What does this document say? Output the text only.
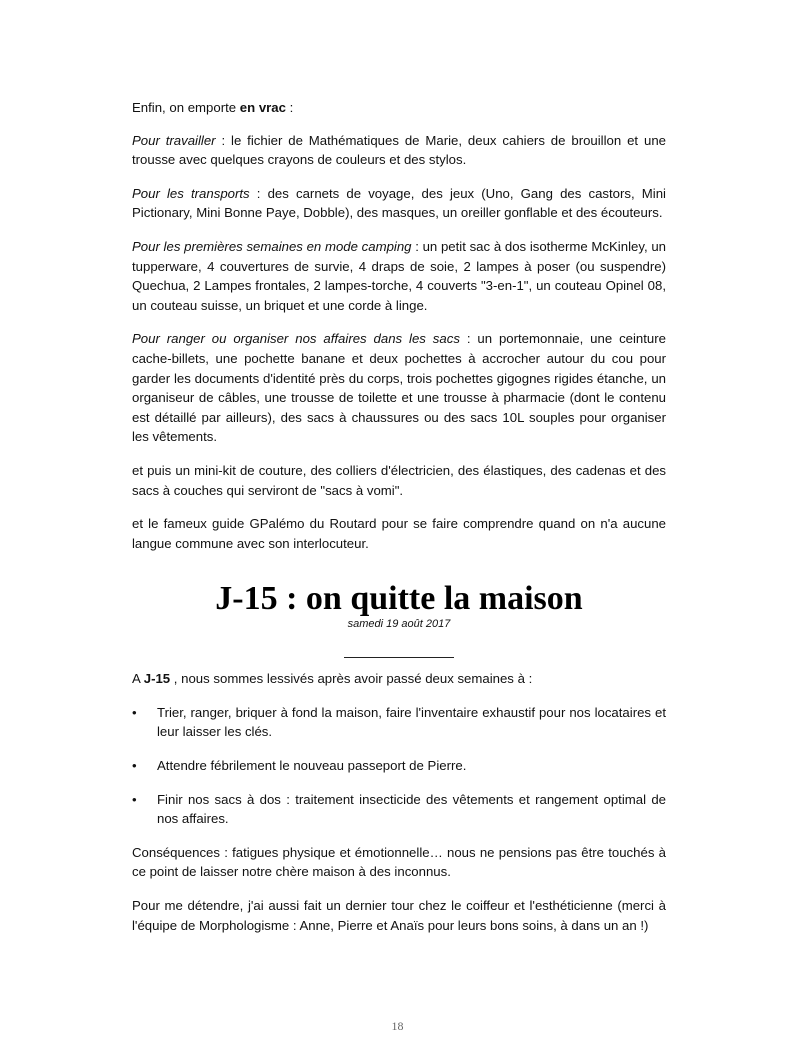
Enfin, on emporte en vrac :

Pour travailler : le fichier de Mathématiques de Marie, deux cahiers de brouillon et une trousse avec quelques crayons de couleurs et des stylos.

Pour les transports : des carnets de voyage, des jeux (Uno, Gang des castors, Mini Pictionary, Mini Bonne Paye, Dobble), des masques, un oreiller gonflable et des écouteurs.

Pour les premières semaines en mode camping : un petit sac à dos isotherme McKinley, un tupperware, 4 couvertures de survie, 4 draps de soie, 2 lampes à poser (ou suspendre) Quechua, 2 Lampes frontales, 2 lampes-torche, 4 couverts "3-en-1", un couteau Opinel 08, un couteau suisse, un briquet et une corde à linge.

Pour ranger ou organiser nos affaires dans les sacs : un portemonnaie, une ceinture cache-billets, une pochette banane et deux pochettes à accrocher autour du cou pour garder les documents d'identité près du corps, trois pochettes gigognes rigides étanche, un organiseur de câbles, une trousse de toilette et une trousse à pharmacie (dont le contenu est détaillé par ailleurs), des sacs à chaussures ou des sacs 10L souples pour organiser les vêtements.

et puis un mini-kit de couture, des colliers d'électricien, des élastiques, des cadenas et des sacs à couches qui serviront de "sacs à vomi".

et le fameux guide GPalémo du Routard pour se faire comprendre quand on n'a aucune langue commune avec son interlocuteur.

J-15 : on quitte la maison

samedi 19 août 2017

A J-15 , nous sommes lessivés après avoir passé deux semaines à :

•	Trier, ranger, briquer à fond la maison, faire l'inventaire exhaustif pour nos locataires et leur laisser les clés.
•	Attendre fébrilement le nouveau passeport de Pierre.
•	Finir nos sacs à dos : traitement insecticide des vêtements et rangement optimal de nos affaires.

Conséquences : fatigues physique et émotionnelle… nous ne pensions pas être touchés à ce point de laisser notre chère maison à des inconnus.

Pour me détendre, j'ai aussi fait un dernier tour chez le coiffeur et l'esthéticienne (merci à l'équipe de Morphologisme : Anne, Pierre et Anaïs pour leurs bons soins, à dans un an !)

18
